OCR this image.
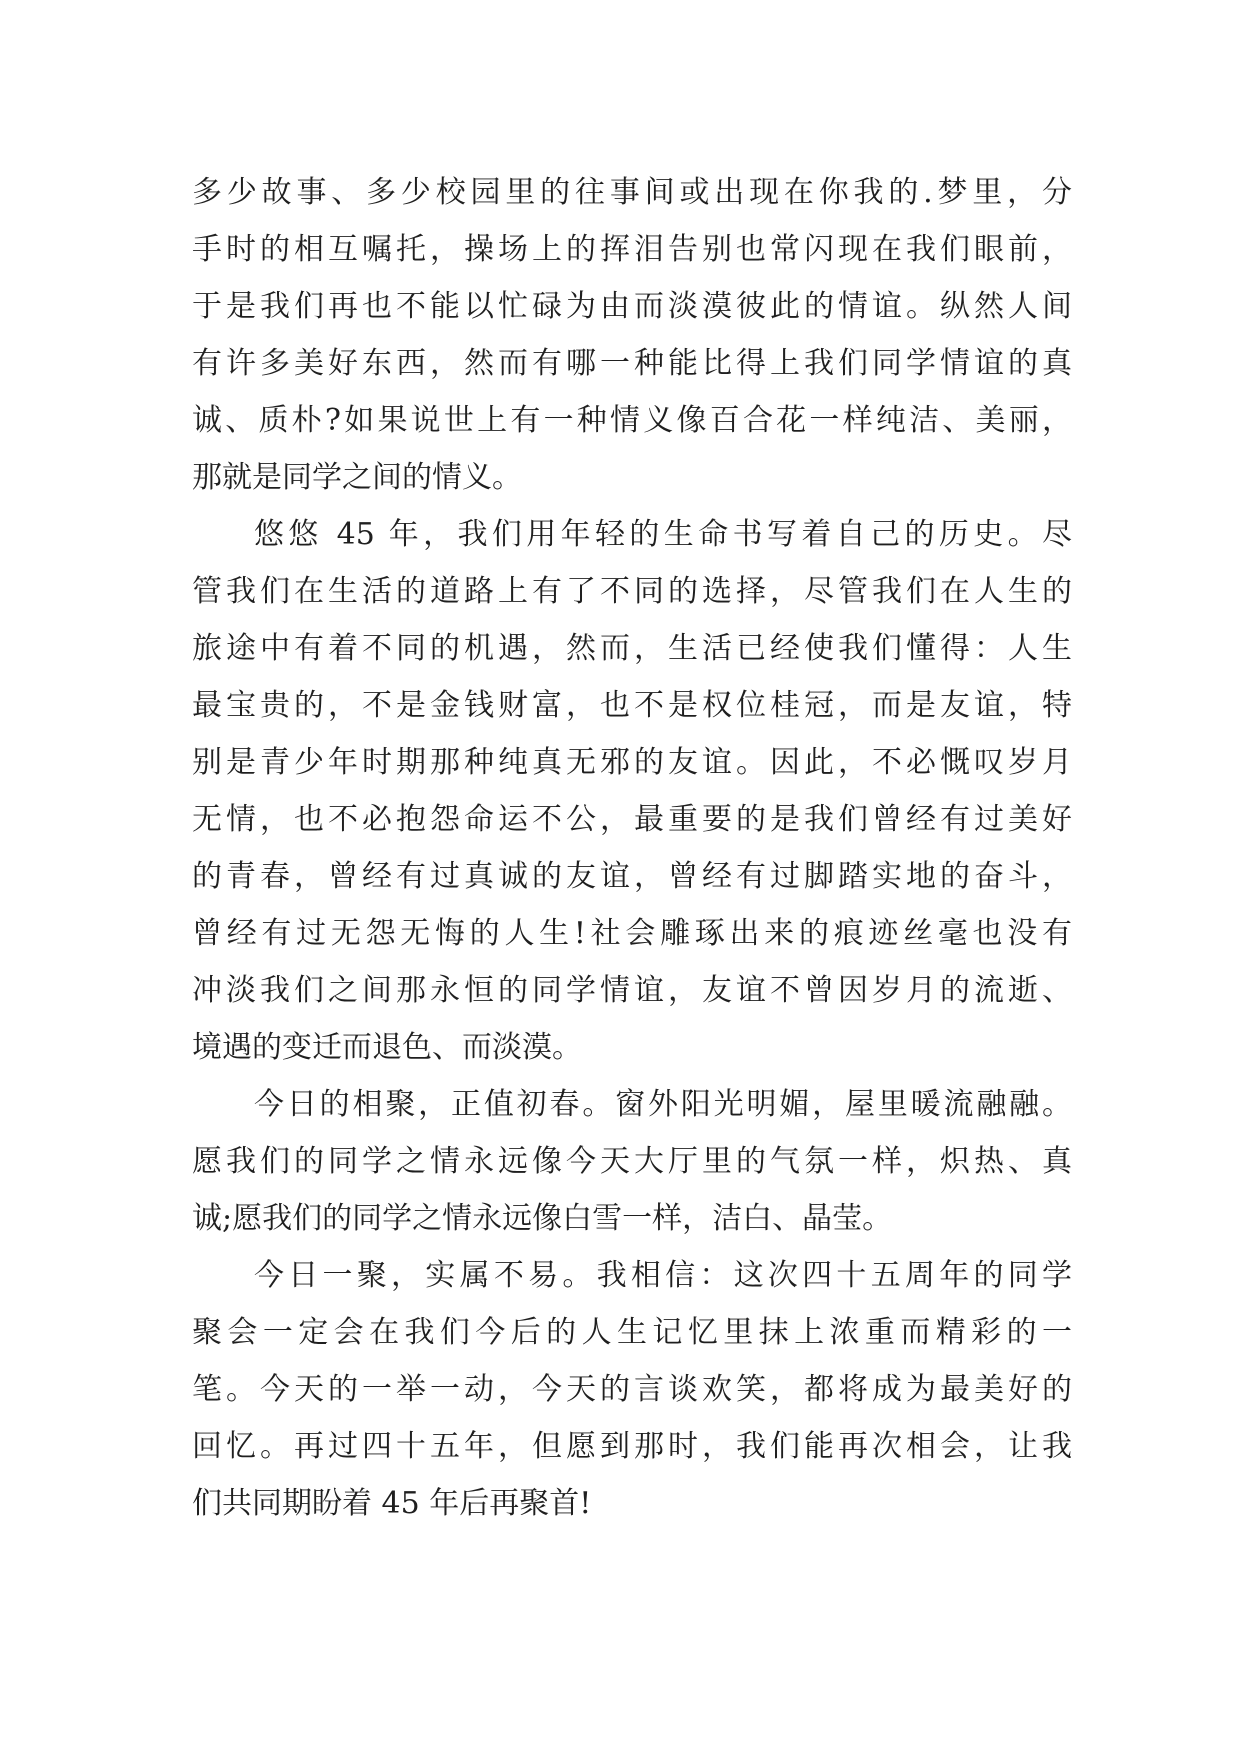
多少故事、多少校园里的往事间或出现在你我的.梦里，分
手时的相互嘱托，操场上的挥泪告别也常闪现在我们眼前，
于是我们再也不能以忙碌为由而淡漠彼此的情谊。纵然人间
有许多美好东西，然而有哪一种能比得上我们同学情谊的真
诚、质朴?如果说世上有一种情义像百合花一样纯洁、美丽，
那就是同学之间的情义。
悠悠 45 年，我们用年轻的生命书写着自己的历史。尽
管我们在生活的道路上有了不同的选择，尽管我们在人生的
旅途中有着不同的机遇，然而，生活已经使我们懂得：人生
最宝贵的，不是金钱财富，也不是权位桂冠，而是友谊，特
别是青少年时期那种纯真无邪的友谊。因此，不必慨叹岁月
无情，也不必抱怨命运不公，最重要的是我们曾经有过美好
的青春，曾经有过真诚的友谊，曾经有过脚踏实地的奋斗，
曾经有过无怨无悔的人生!社会雕琢出来的痕迹丝毫也没有
冲淡我们之间那永恒的同学情谊，友谊不曾因岁月的流逝、
境遇的变迁而退色、而淡漠。
今日的相聚，正值初春。窗外阳光明媚，屋里暖流融融。
愿我们的同学之情永远像今天大厅里的气氛一样，炽热、真
诚;愿我们的同学之情永远像白雪一样，洁白、晶莹。
今日一聚，实属不易。我相信：这次四十五周年的同学
聚会一定会在我们今后的人生记忆里抹上浓重而精彩的一
笔。今天的一举一动，今天的言谈欢笑，都将成为最美好的
回忆。再过四十五年，但愿到那时，我们能再次相会，让我
们共同期盼着 45 年后再聚首!
